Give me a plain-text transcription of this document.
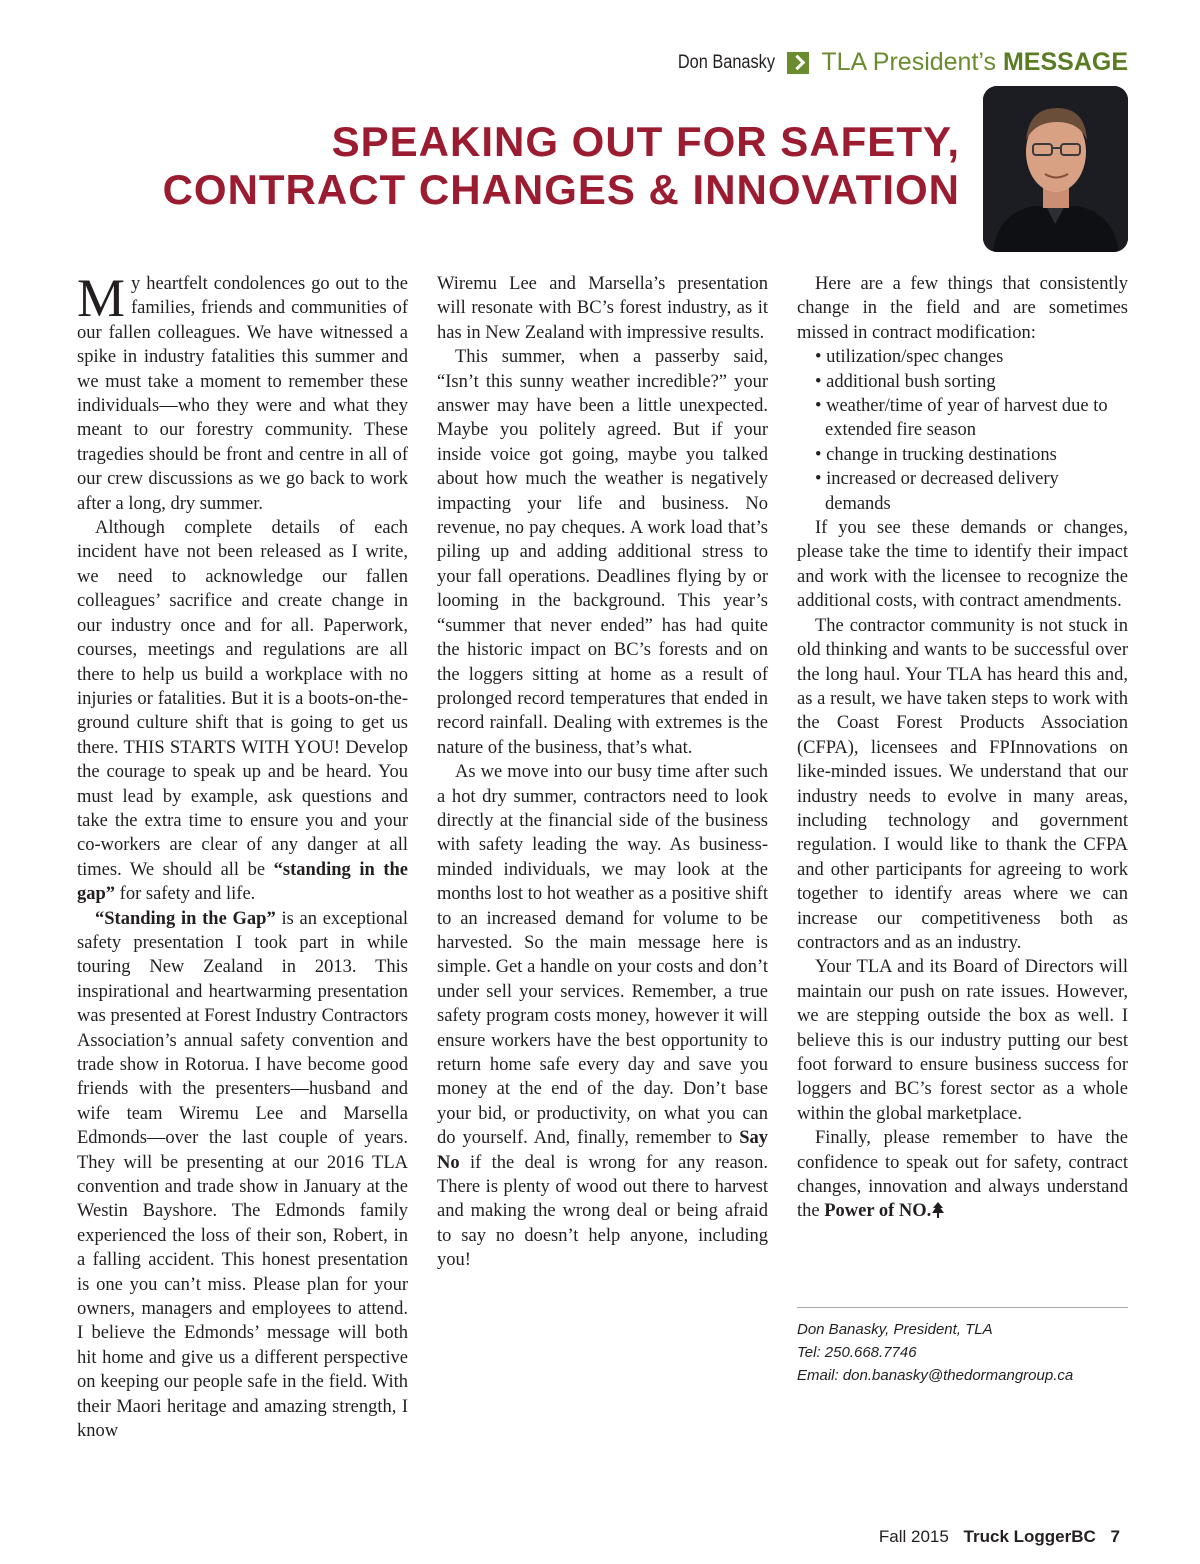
Don Banasky TLA President’s MESSAGE
SPEAKING OUT FOR SAFETY,
CONTRACT CHANGES & INNOVATION

My heartfelt condolences go out to the families, friends and communities of our fallen colleagues. We have witnessed a spike in industry fatalities this summer and we must take a moment to remember these individuals—who they were and what they meant to our forestry community. These tragedies should be front and centre in all of our crew discussions as we go back to work after a long, dry summer.

Although complete details of each incident have not been released as I write, we need to acknowledge our fallen colleagues’ sacrifice and create change in our industry once and for all. Paperwork, courses, meetings and regulations are all there to help us build a workplace with no injuries or fatalities. But it is a boots-on-the-ground culture shift that is going to get us there. THIS STARTS WITH YOU! Develop the courage to speak up and be heard. You must lead by example, ask questions and take the extra time to ensure you and your co-workers are clear of any danger at all times. We should all be “standing in the gap” for safety and life.

“Standing in the Gap” is an exceptional safety presentation I took part in while touring New Zealand in 2013. This inspirational and heartwarming presentation was presented at Forest Industry Contractors Association’s annual safety convention and trade show in Rotorua. I have become good friends with the presenters—husband and wife team Wiremu Lee and Marsella Edmonds—over the last couple of years. They will be presenting at our 2016 TLA convention and trade show in January at the Westin Bayshore. The Edmonds family experienced the loss of their son, Robert, in a falling accident. This honest presentation is one you can’t miss. Please plan for your owners, managers and employees to attend. I believe the Edmonds’ message will both hit home and give us a different perspective on keeping our people safe in the field. With their Maori heritage and amazing strength, I know

Wiremu Lee and Marsella’s presentation will resonate with BC’s forest industry, as it has in New Zealand with impressive results.

This summer, when a passerby said, “Isn’t this sunny weather incredible?” your answer may have been a little unexpected. Maybe you politely agreed. But if your inside voice got going, maybe you talked about how much the weather is negatively impacting your life and business. No revenue, no pay cheques. A work load that’s piling up and adding additional stress to your fall operations. Deadlines flying by or looming in the background. This year’s “summer that never ended” has had quite the historic impact on BC’s forests and on the loggers sitting at home as a result of prolonged record temperatures that ended in record rainfall. Dealing with extremes is the nature of the business, that’s what.

As we move into our busy time after such a hot dry summer, contractors need to look directly at the financial side of the business with safety leading the way. As business-minded individuals, we may look at the months lost to hot weather as a positive shift to an increased demand for volume to be harvested. So the main message here is simple. Get a handle on your costs and don’t under sell your services. Remember, a true safety program costs money, however it will ensure workers have the best opportunity to return home safe every day and save you money at the end of the day. Don’t base your bid, or productivity, on what you can do yourself. And, finally, remember to Say No if the deal is wrong for any reason. There is plenty of wood out there to harvest and making the wrong deal or being afraid to say no doesn’t help anyone, including you!

Here are a few things that consistently change in the field and are sometimes missed in contract modification:

• utilization/spec changes
• additional bush sorting
• weather/time of year of harvest due to extended fire season
• change in trucking destinations
• increased or decreased delivery demands

If you see these demands or changes, please take the time to identify their impact and work with the licensee to recognize the additional costs, with contract amendments.

The contractor community is not stuck in old thinking and wants to be successful over the long haul. Your TLA has heard this and, as a result, we have taken steps to work with the Coast Forest Products Association (CFPA), licensees and FPInnovations on like-minded issues. We understand that our industry needs to evolve in many areas, including technology and government regulation. I would like to thank the CFPA and other participants for agreeing to work together to identify areas where we can increase our competitiveness both as contractors and as an industry.

Your TLA and its Board of Directors will maintain our push on rate issues. However, we are stepping outside the box as well. I believe this is our industry putting our best foot forward to ensure business success for loggers and BC’s forest sector as a whole within the global marketplace.

Finally, please remember to have the confidence to speak out for safety, contract changes, innovation and always understand the Power of NO.

Don Banasky, President, TLA
Tel: 250.668.7746
Email: don.banasky@thedormangroup.ca
Fall 2015 Truck LoggerBC 7
